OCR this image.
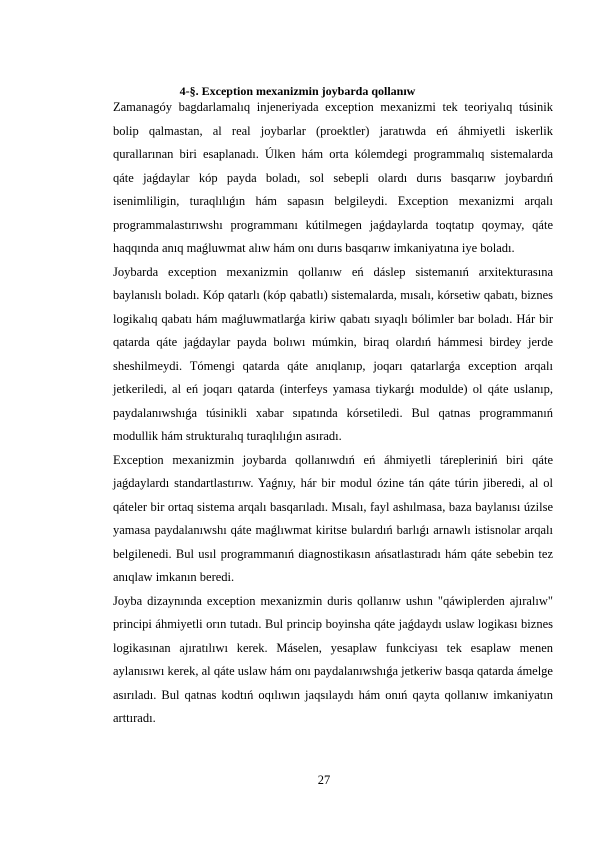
4-§. Exception mexanizmin joybarda qollanıw

Zamanagóy bagdarlamalıq injeneriyada exception mexanizmi tek teoriyalıq túsinik bolip qalmastan, al real joybarlar (proektler) jaratıwda eń áhmiyetli iskerlik qurallarınan biri esaplanadı. Úlken hám orta kólemdegi programmalıq sistemalarda qáte jaǵdaylar kóp payda boladı, sol sebepli olardı durıs basqarıw joybardıń isenimliligin, turaqlılıǵın hám sapasın belgileydi. Exception mexanizmi arqalı programmalastırıwshı programmanı kútilmegen jaǵdaylarda toqtatıp qoymay, qáte haqqında anıq maǵluwmat alıw hám onı durıs basqarıw imkaniyatına iye boladı.

Joybarda exception mexanizmin qollanıw eń dáslep sistemanıń arxitekturasına baylanıslı boladı. Kóp qatarlı (kóp qabatlı) sistemalarda, mısalı, kórsetiw qabatı, biznes logikalıq qabatı hám maǵluwmatlarǵa kiriw qabatı sıyaqlı bólimler bar boladı. Hár bir qatarda qáte jaǵdaylar payda bolıwı múmkin, biraq olardıń hámmesi birdey jerde sheshilmeydi. Tómengi qatarda qáte anıqlanıp, joqarı qatarlarǵa exception arqalı jetkeriledi, al eń joqarı qatarda (interfeys yamasa tiykarǵı modulde) ol qáte uslanıp, paydalanıwshıǵa túsinikli xabar sıpatında kórsetiledi. Bul qatnas programmanıń modullik hám strukturalıq turaqlılıǵın asıradı.

Exception mexanizmin joybarda qollanıwdıń eń áhmiyetli tárepleriniń biri qáte jaǵdaylardı standartlastırıw. Yaǵnıy, hár bir modul ózine tán qáte túrin jiberedi, al ol qáteler bir ortaq sistema arqalı basqarıladı. Mısalı, fayl ashılmasa, baza baylanısı úzilse yamasa paydalanıwshı qáte maǵlıwmat kiritse bulardıń barlıǵı arnawlı istisnolar arqalı belgilenedi. Bul usıl programmanıń diagnostikasın ańsatlastıradı hám qáte sebebin tez anıqlaw imkanın beredi.

Joyba dizaynında exception mexanizmin duris qollanıw ushın "qáwiplerden ajıralıw" principi áhmiyetli orın tutadı. Bul princip boyinsha qáte jaǵdaydı uslaw logikası biznes logikasınan ajıratılıwı kerek. Máselen, yesaplaw funkciyası tek esaplaw menen aylanısıwı kerek, al qáte uslaw hám onı paydalanıwshıǵa jetkeriw basqa qatarda ámelge asırıladı. Bul qatnas kodtıń oqılıwın jaqsılaydı hám onıń qayta qollanıw imkaniyatın arttıradı.

27
